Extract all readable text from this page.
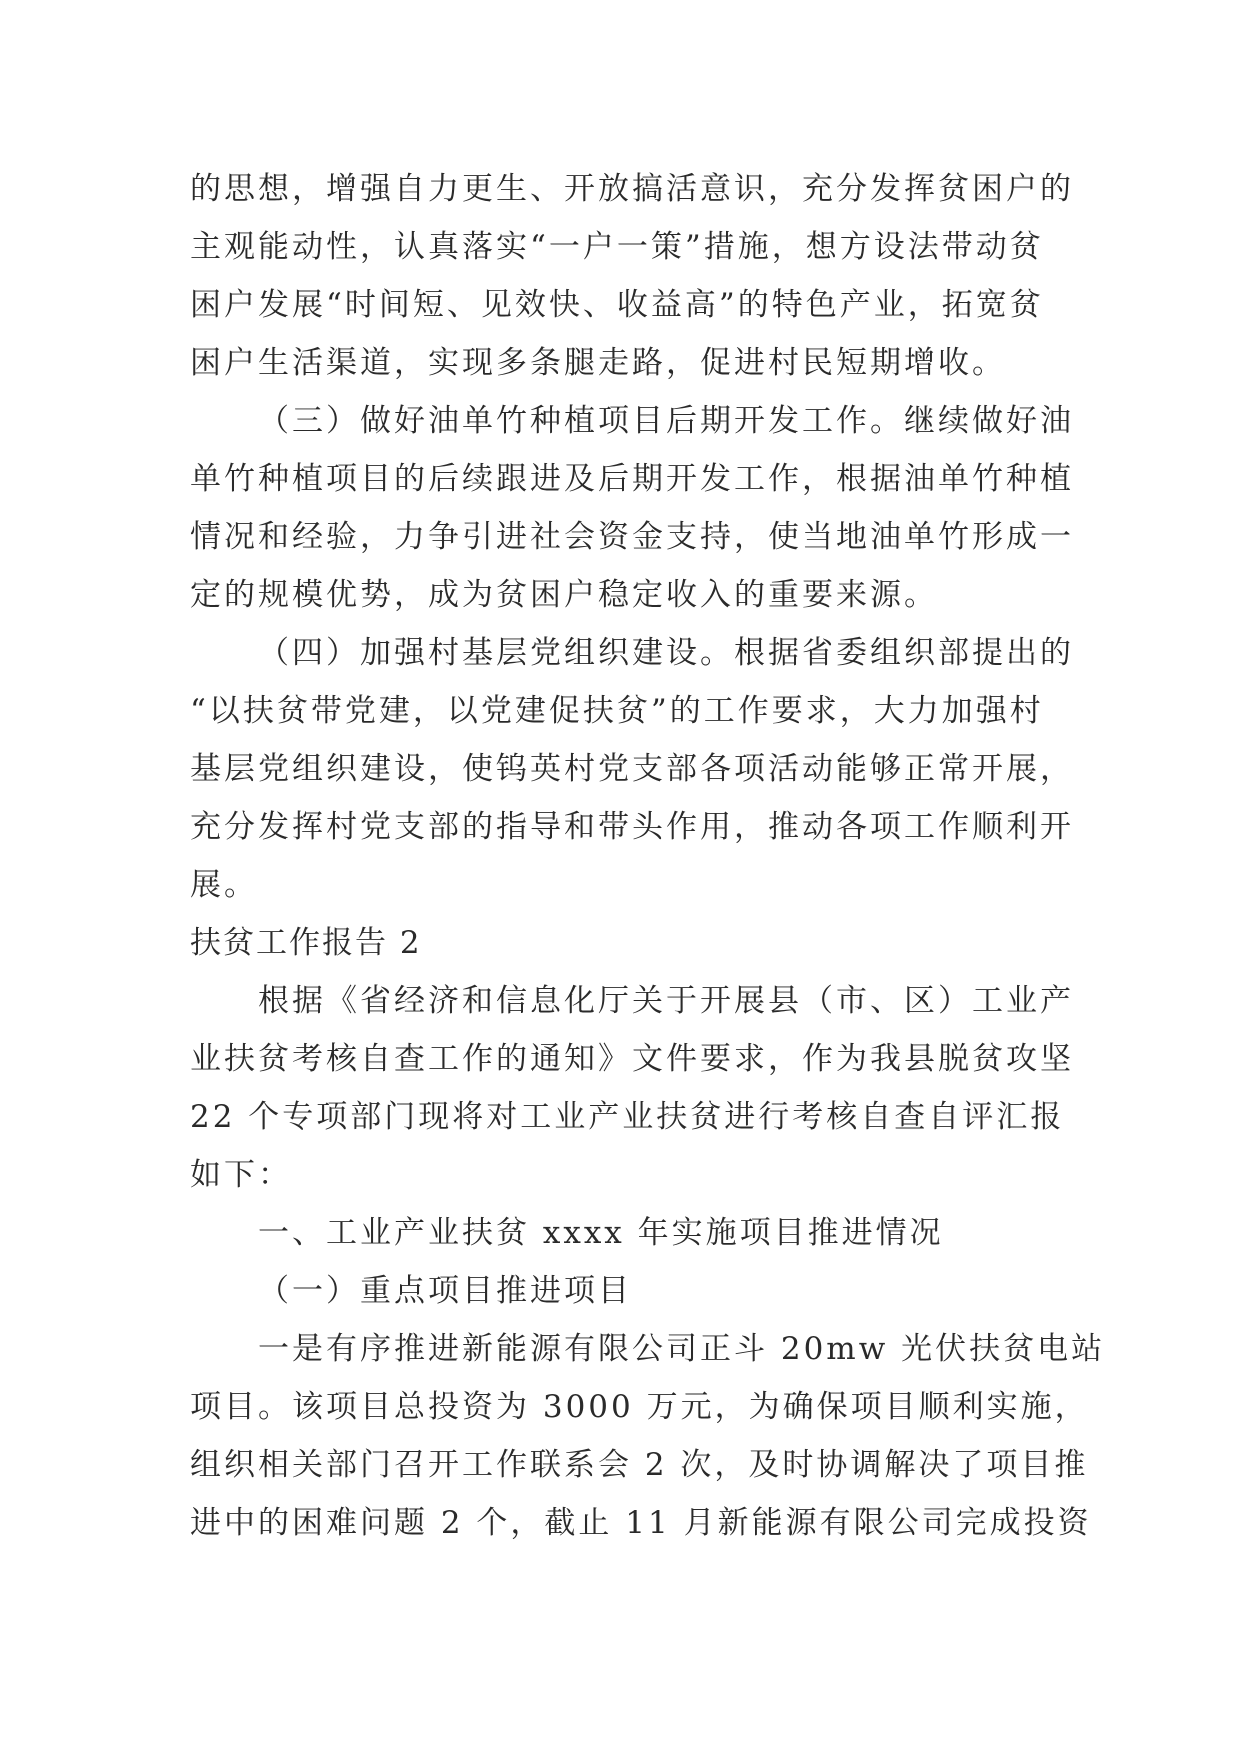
的思想，增强自力更生、开放搞活意识，充分发挥贫困户的
主观能动性，认真落实“一户一策”措施，想方设法带动贫
困户发展“时间短、见效快、收益高”的特色产业，拓宽贫
困户生活渠道，实现多条腿走路，促进村民短期增收。
（三）做好油单竹种植项目后期开发工作。继续做好油
单竹种植项目的后续跟进及后期开发工作，根据油单竹种植
情况和经验，力争引进社会资金支持，使当地油单竹形成一
定的规模优势，成为贫困户稳定收入的重要来源。
（四）加强村基层党组织建设。根据省委组织部提出的
“以扶贫带党建，以党建促扶贫”的工作要求，大力加强村
基层党组织建设，使钨英村党支部各项活动能够正常开展，
充分发挥村党支部的指导和带头作用，推动各项工作顺利开
展。
扶贫工作报告 2
根据《省经济和信息化厅关于开展县（市、区）工业产
业扶贫考核自查工作的通知》文件要求，作为我县脱贫攻坚
22 个专项部门现将对工业产业扶贫进行考核自查自评汇报
如下：
一、工业产业扶贫 xxxx 年实施项目推进情况
（一）重点项目推进项目
一是有序推进新能源有限公司正斗 20mw 光伏扶贫电站
项目。该项目总投资为 3000 万元，为确保项目顺利实施，
组织相关部门召开工作联系会 2 次，及时协调解决了项目推
进中的困难问题 2 个，截止 11 月新能源有限公司完成投资
